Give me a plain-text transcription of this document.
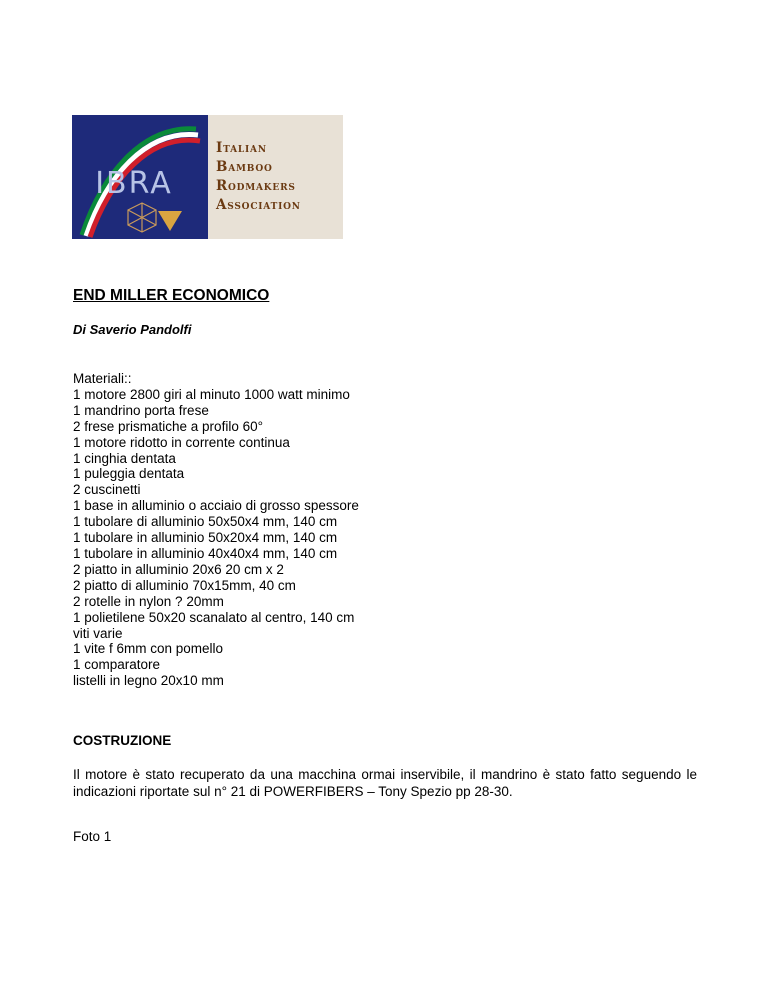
IBRA
Italian
Bamboo
Rodmakers
Association
END MILLER ECONOMICO

Di Saverio Pandolfi

Materiali::
1 motore 2800 giri al minuto 1000 watt minimo
1 mandrino porta frese
2 frese prismatiche a profilo 60°
1 motore ridotto in corrente continua
1 cinghia dentata
1 puleggia dentata
2 cuscinetti
1 base in alluminio o acciaio di grosso spessore
1 tubolare di alluminio 50x50x4 mm, 140 cm
1 tubolare in alluminio 50x20x4 mm, 140 cm
1 tubolare in alluminio 40x40x4 mm, 140 cm
2 piatto in alluminio 20x6 20 cm x 2
2 piatto di alluminio 70x15mm, 40 cm
2 rotelle in nylon ? 20mm
1 polietilene 50x20 scanalato al centro, 140 cm
viti varie
1 vite f 6mm con pomello
1 comparatore
listelli in legno 20x10 mm
COSTRUZIONE

Il motore è stato recuperato da una macchina ormai inservibile, il mandrino è stato fatto seguendo le indicazioni riportate sul n° 21 di POWERFIBERS – Tony Spezio pp 28-30.

Foto 1
